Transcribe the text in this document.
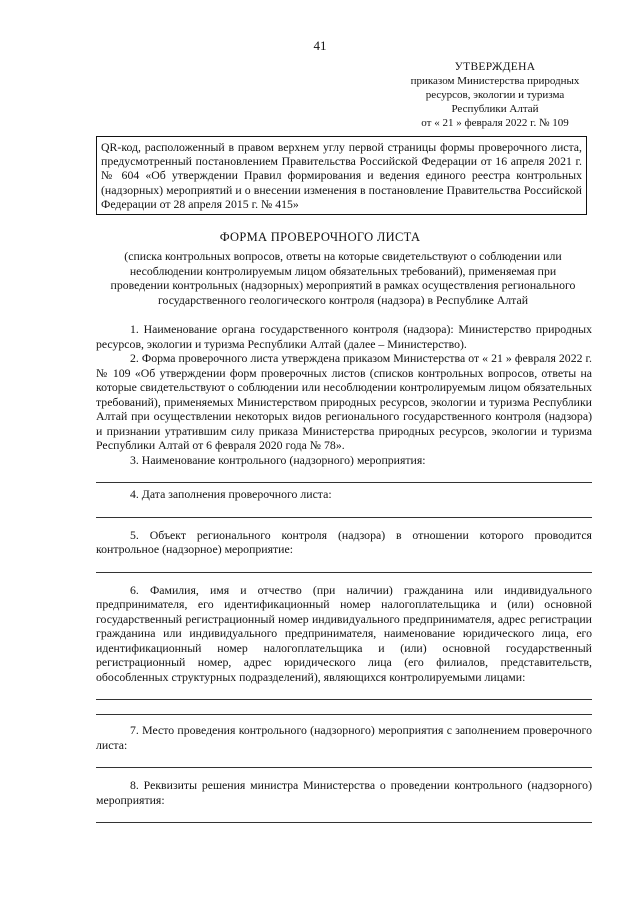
41
УТВЕРЖДЕНА
приказом Министерства природных
ресурсов, экологии и туризма
Республики Алтай
от « 21 » февраля 2022 г. № 109
QR-код, расположенный в правом верхнем углу первой страницы формы проверочного листа, предусмотренный постановлением Правительства Российской Федерации от 16 апреля 2021 г. № 604 «Об утверждении Правил формирования и ведения единого реестра контрольных (надзорных) мероприятий и о внесении изменения в постановление Правительства Российской Федерации от 28 апреля 2015 г. № 415»
ФОРМА ПРОВЕРОЧНОГО ЛИСТА
(списка контрольных вопросов, ответы на которые свидетельствуют о соблюдении или несоблюдении контролируемым лицом обязательных требований), применяемая при проведении контрольных (надзорных) мероприятий в рамках осуществления регионального государственного геологического контроля (надзора) в Республике Алтай

1. Наименование органа государственного контроля (надзора): Министерство природных ресурсов, экологии и туризма Республики Алтай (далее – Министерство).

2. Форма проверочного листа утверждена приказом Министерства от « 21 » февраля 2022 г. № 109 «Об утверждении форм проверочных листов (списков контрольных вопросов, ответы на которые свидетельствуют о соблюдении или несоблюдении контролируемым лицом обязательных требований), применяемых Министерством природных ресурсов, экологии и туризма Республики Алтай при осуществлении некоторых видов регионального государственного контроля (надзора) и признании утратившим силу приказа Министерства природных ресурсов, экологии и туризма Республики Алтай от 6 февраля 2020 года № 78».

3. Наименование контрольного (надзорного) мероприятия:

4. Дата заполнения проверочного листа:

5. Объект регионального контроля (надзора) в отношении которого проводится контрольное (надзорное) мероприятие:

6. Фамилия, имя и отчество (при наличии) гражданина или индивидуального предпринимателя, его идентификационный номер налогоплательщика и (или) основной государственный регистрационный номер индивидуального предпринимателя, адрес регистрации гражданина или индивидуального предпринимателя, наименование юридического лица, его идентификационный номер налогоплательщика и (или) основной государственный регистрационный номер, адрес юридического лица (его филиалов, представительств, обособленных структурных подразделений), являющихся контролируемыми лицами:

7. Место проведения контрольного (надзорного) мероприятия с заполнением проверочного листа:

8. Реквизиты решения министра Министерства о проведении контрольного (надзорного) мероприятия:
